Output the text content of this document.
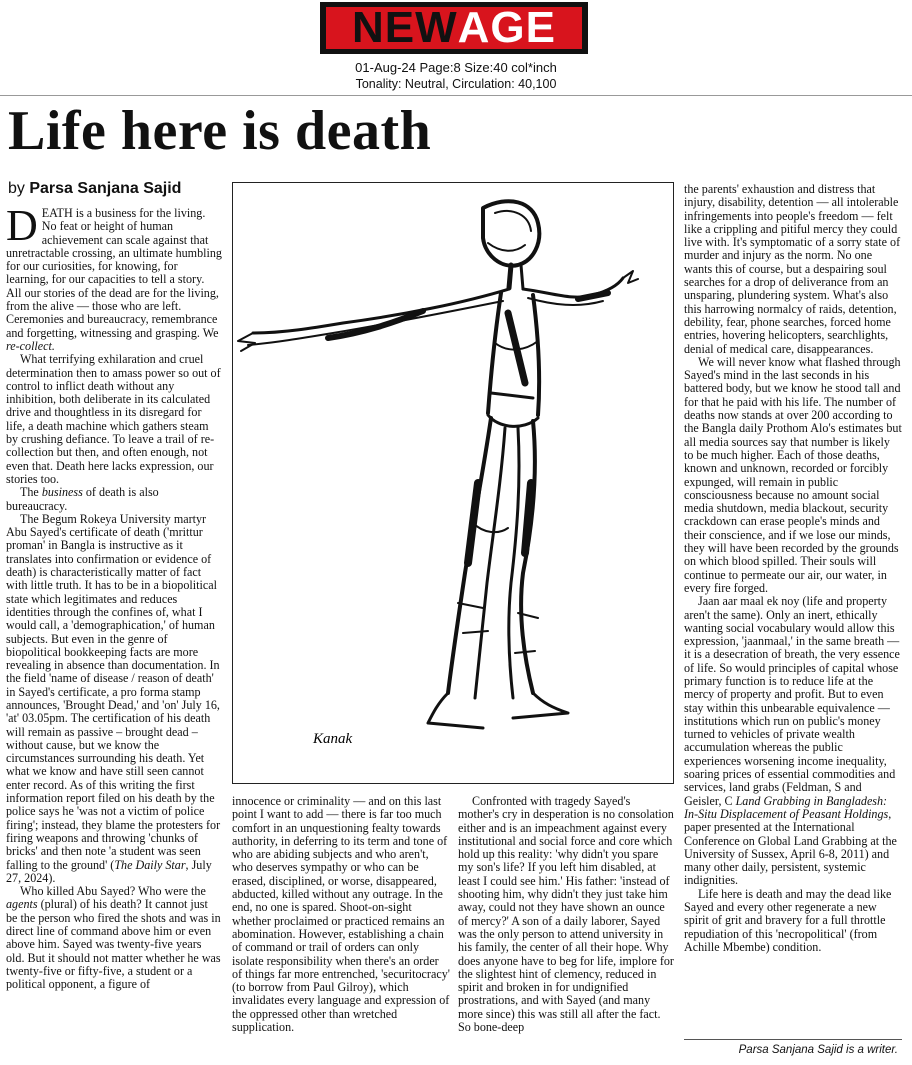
NEW AGE
01-Aug-24 Page:8 Size:40 col*inch
Tonality: Neutral, Circulation: 40,100
Life here is death
by Parsa Sanjana Sajid

DEATH is a business for the living. No feat or height of human achievement can scale against that unretractable crossing, an ultimate humbling for our curiosities, for knowing, for learning, for our capacities to tell a story. All our stories of the dead are for the living, from the alive — those who are left. Ceremonies and bureaucracy, remembrance and forgetting, witnessing and grasping. We re-collect.

What terrifying exhilaration and cruel determination then to amass power so out of control to inflict death without any inhibition, both deliberate in its calculated drive and thoughtless in its disregard for life, a death machine which gathers steam by crushing defiance. To leave a trail of re-collection but then, and often enough, not even that. Death here lacks expression, our stories too.

The business of death is also bureaucracy.

The Begum Rokeya University martyr Abu Sayed's certificate of death ('mrittur proman' in Bangla is instructive as it translates into confirmation or evidence of death) is characteristically matter of fact with little truth. It has to be in a biopolitical state which legitimates and reduces identities through the confines of, what I would call, a 'demographication,' of human subjects. But even in the genre of biopolitical bookkeeping facts are more revealing in absence than documentation. In the field 'name of disease / reason of death' in Sayed's certificate, a pro forma stamp announces, 'Brought Dead,' and 'on' July 16, 'at' 03.05pm. The certification of his death will remain as passive – brought dead – without cause, but we know the circumstances surrounding his death. Yet what we know and have still seen cannot enter record. As of this writing the first information report filed on his death by the police says he 'was not a victim of police firing'; instead, they blame the protesters for firing weapons and throwing 'chunks of bricks' and then note 'a student was seen falling to the ground' (The Daily Star, July 27, 2024).

Who killed Abu Sayed? Who were the agents (plural) of his death? It cannot just be the person who fired the shots and was in direct line of command above him or even above him. Sayed was twenty-five years old. But it should not matter whether he was twenty-five or fifty-five, a student or a political opponent, a figure of

Kanak

innocence or criminality — and on this last point I want to add — there is far too much comfort in an unquestioning fealty towards authority, in deferring to its term and tone of who are abiding subjects and who aren't, who deserves sympathy or who can be erased, disciplined, or worse, disappeared, abducted, killed without any outrage. In the end, no one is spared. Shoot-on-sight whether proclaimed or practiced remains an abomination. However, establishing a chain of command or trail of orders can only isolate responsibility when there's an order of things far more entrenched, 'securitocracy' (to borrow from Paul Gilroy), which invalidates every language and expression of the oppressed other than wretched supplication.

Confronted with tragedy Sayed's mother's cry in desperation is no consolation either and is an impeachment against every institutional and social force and core which hold up this reality: 'why didn't you spare my son's life? If you left him disabled, at least I could see him.' His father: 'instead of shooting him, why didn't they just take him away, could not they have shown an ounce of mercy?' A son of a daily laborer, Sayed was the only person to attend university in his family, the center of all their hope. Why does anyone have to beg for life, implore for the slightest hint of clemency, reduced in spirit and broken in for undignified prostrations, and with Sayed (and many more since) this was still all after the fact. So bone-deep

the parents' exhaustion and distress that injury, disability, detention — all intolerable infringements into people's freedom — felt like a crippling and pitiful mercy they could live with. It's symptomatic of a sorry state of murder and injury as the norm. No one wants this of course, but a despairing soul searches for a drop of deliverance from an unsparing, plundering system. What's also this harrowing normalcy of raids, detention, debility, fear, phone searches, forced home entries, hovering helicopters, searchlights, denial of medical care, disappearances.

We will never know what flashed through Sayed's mind in the last seconds in his battered body, but we know he stood tall and for that he paid with his life. The number of deaths now stands at over 200 according to the Bangla daily Prothom Alo's estimates but all media sources say that number is likely to be much higher. Each of those deaths, known and unknown, recorded or forcibly expunged, will remain in public consciousness because no amount social media shutdown, media blackout, security crackdown can erase people's minds and their conscience, and if we lose our minds, they will have been recorded by the grounds on which blood spilled. Their souls will continue to permeate our air, our water, in every fire forged.

Jaan aar maal ek noy (life and property aren't the same). Only an inert, ethically wanting social vocabulary would allow this expression, 'jaanmaal,' in the same breath — it is a desecration of breath, the very essence of life. So would principles of capital whose primary function is to reduce life at the mercy of property and profit. But to even stay within this unbearable equivalence — institutions which run on public's money turned to vehicles of private wealth accumulation whereas the public experiences worsening income inequality, soaring prices of essential commodities and services, land grabs (Feldman, S and Geisler, C Land Grabbing in Bangladesh: In-Situ Displacement of Peasant Holdings, paper presented at the International Conference on Global Land Grabbing at the University of Sussex, April 6-8, 2011) and many other daily, persistent, systemic indignities.

Life here is death and may the dead like Sayed and every other regenerate a new spirit of grit and bravery for a full throttle repudiation of this 'necropolitical' (from Achille Mbembe) condition.

Parsa Sanjana Sajid is a writer.
